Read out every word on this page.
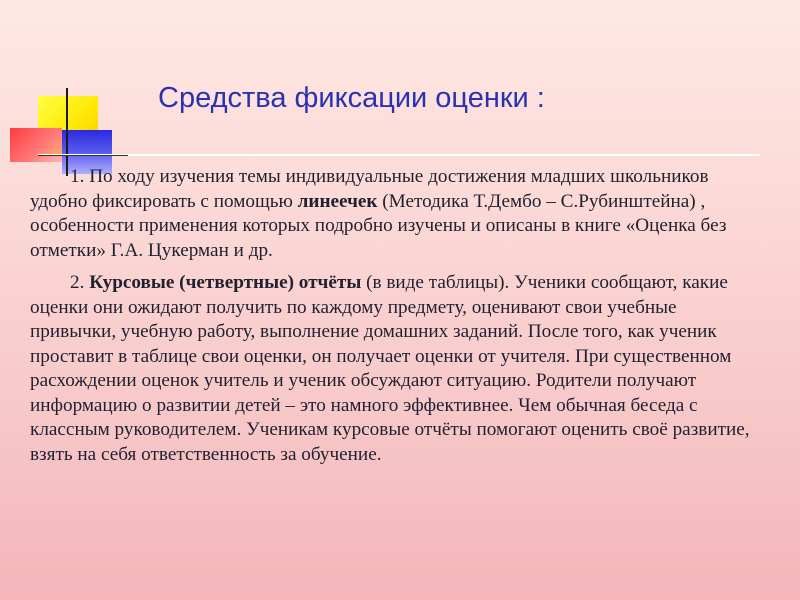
Средства фиксации оценки :

1. По ходу изучения темы индивидуальные достижения младших школьников удобно фиксировать с помощью линеечек (Методика Т.Дембо – С.Рубинштейна) , особенности применения которых подробно изучены и описаны в книге «Оценка без отметки» Г.А. Цукерман и др.

2. Курсовые (четвертные) отчёты (в виде таблицы). Ученики сообщают, какие оценки они ожидают получить по каждому предмету, оценивают свои учебные привычки, учебную работу, выполнение домашних заданий. После того, как ученик проставит в таблице свои оценки, он получает оценки от учителя. При существенном расхождении оценок учитель и ученик обсуждают ситуацию. Родители получают информацию о развитии детей – это намного эффективнее. Чем обычная беседа с классным руководителем. Ученикам курсовые отчёты помогают оценить своё развитие, взять на себя ответственность за обучение.
